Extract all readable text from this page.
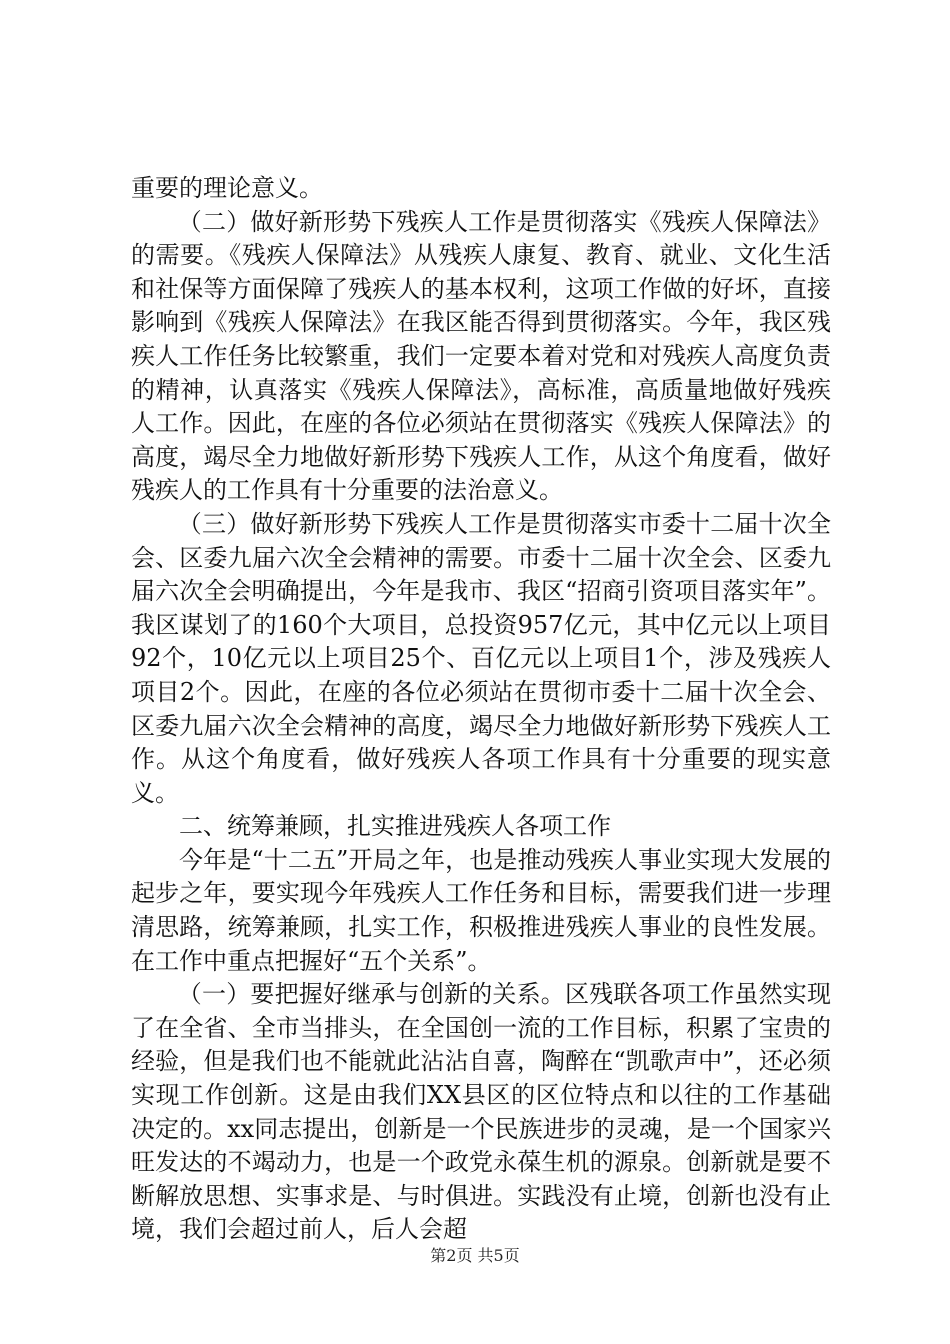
重要的理论意义。

（二）做好新形势下残疾人工作是贯彻落实《残疾人保障法》的需要。《残疾人保障法》从残疾人康复、教育、就业、文化生活和社保等方面保障了残疾人的基本权利，这项工作做的好坏，直接影响到《残疾人保障法》在我区能否得到贯彻落实。今年，我区残疾人工作任务比较繁重，我们一定要本着对党和对残疾人高度负责的精神，认真落实《残疾人保障法》，高标准，高质量地做好残疾人工作。因此，在座的各位必须站在贯彻落实《残疾人保障法》的高度，竭尽全力地做好新形势下残疾人工作，从这个角度看，做好残疾人的工作具有十分重要的法治意义。

（三）做好新形势下残疾人工作是贯彻落实市委十二届十次全会、区委九届六次全会精神的需要。市委十二届十次全会、区委九届六次全会明确提出，今年是我市、我区“招商引资项目落实年”。我区谋划了的160个大项目，总投资957亿元，其中亿元以上项目92个，10亿元以上项目25个、百亿元以上项目1个，涉及残疾人项目2个。因此，在座的各位必须站在贯彻市委十二届十次全会、区委九届六次全会精神的高度，竭尽全力地做好新形势下残疾人工作。从这个角度看，做好残疾人各项工作具有十分重要的现实意义。

二、统筹兼顾，扎实推进残疾人各项工作

今年是“十二五”开局之年，也是推动残疾人事业实现大发展的起步之年，要实现今年残疾人工作任务和目标，需要我们进一步理清思路，统筹兼顾，扎实工作，积极推进残疾人事业的良性发展。在工作中重点把握好“五个关系”。

（一）要把握好继承与创新的关系。区残联各项工作虽然实现了在全省、全市当排头，在全国创一流的工作目标，积累了宝贵的经验，但是我们也不能就此沾沾自喜，陶醉在“凯歌声中”，还必须实现工作创新。这是由我们XX县区的区位特点和以往的工作基础决定的。xx同志提出，创新是一个民族进步的灵魂，是一个国家兴旺发达的不竭动力，也是一个政党永葆生机的源泉。创新就是要不断解放思想、实事求是、与时俱进。实践没有止境，创新也没有止境，我们会超过前人，后人会超

第2页 共5页
